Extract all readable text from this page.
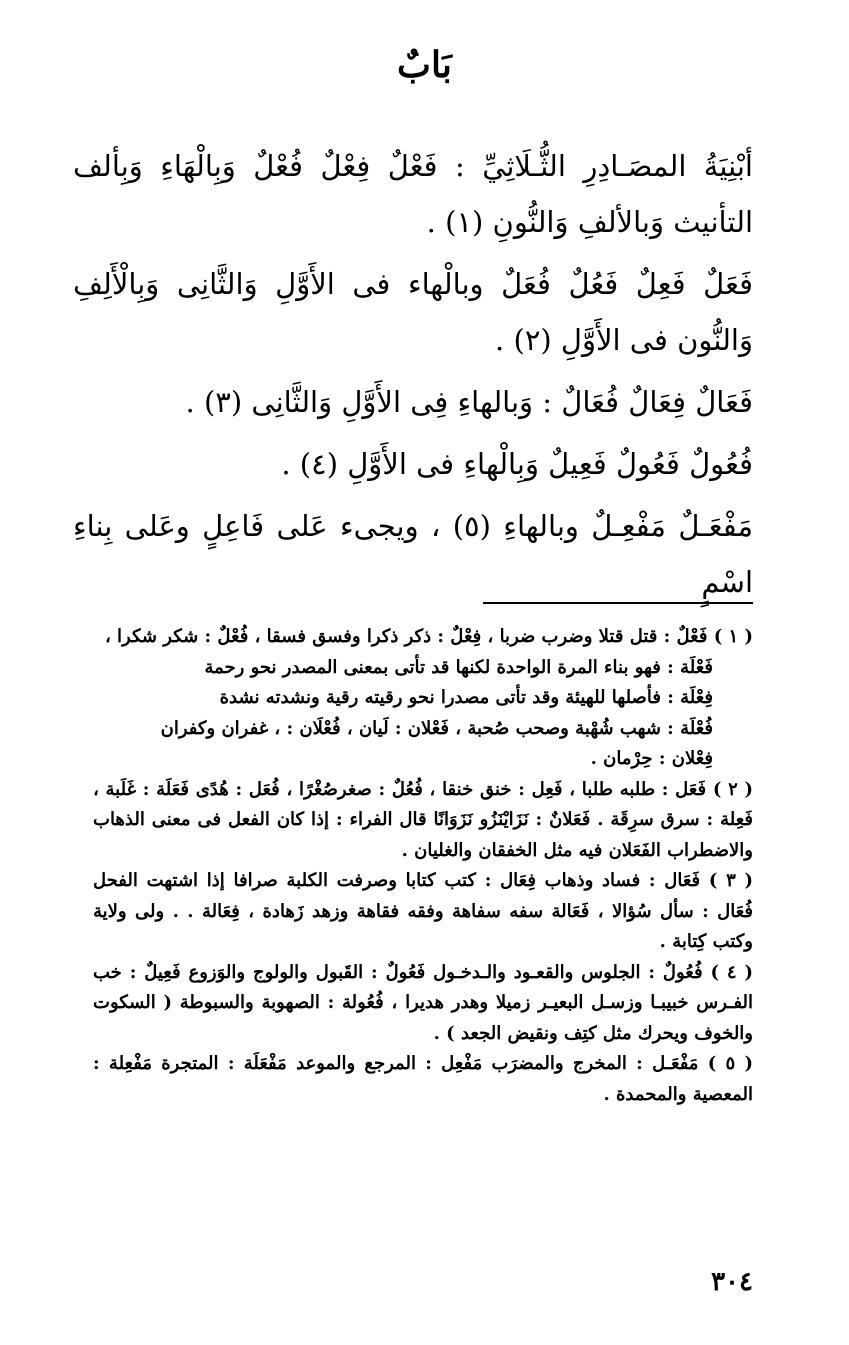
بَابٌ

أبْنِيَةُ المصَـادِرِ الثُّـلَاثِيِّ : فَعْلٌ فِعْلٌ فُعْلٌ وَبِالْهَاءِ وَبِألف التأنيث وَبالألفِ وَالنُّونِ (١) .

فَعَلٌ فَعِلٌ فَعُلٌ فُعَلٌ وبالْهاء فى الأَوَّلِ وَالثَّانِى وَبِالْأَلِفِ وَالنُّون فى الأَوَّلِ (٢) .

فَعَالٌ فِعَالٌ فُعَالٌ : وَبالهاءِ فِى الأَوَّلِ وَالثَّانِى (٣) .

فُعُولٌ فَعُولٌ فَعِيلٌ وَبِالْهاءِ فى الأَوَّلِ (٤) .

مَفْعَـلٌ مَفْعِـلٌ وبالهاءِ (٥) ، ويجىء عَلى فَاعِلٍ وعَلى بِناءِ اسْمٍ

( ١ ) فَعْلٌ : قتل قتلا وضرب ضربا ، فِعْلٌ : ذكر ذكرا وفسق فسقا ، فُعْلٌ : شكر شكرا ،

فَعْلَة : فهو بناء المرة الواحدة لكنها قد تأتى بمعنى المصدر نحو رحمة

فِعْلَة : فأصلها للهيئة وقد تأتى مصدرا نحو رقيته رقية ونشدته نشدة

فُعْلَة : شهب شُهْبة وصحب صُحبة ، فَعْلان : لَيان ، فُعْلَان : ، غفران وكفران

فِعْلان : حِرْمان .

( ٢ ) فَعَل : طلبه طلبا ، فَعِل : خنق خنقا ، فُعُلٌ : صغرصُغْرًا ، فُعَل : هُدًى فَعَلَة : غَلَبة ، فَعِلة : سرق سرِقَة . فَعَلانٌ : نَزَايْنَزُو نَزَوَانًا قال الفراء : إذا كان الفعل فى معنى الذهاب والاضطراب الفَعَلان فيه مثل الخفقان والغليان .

( ٣ ) فَعَال : فساد وذهاب فِعَال : كتب كتابا وصرفت الكلبة صرافا إذا اشتهت الفحل فُعَال : سأل سُؤالا ، فَعَالة سفه سفاهة وفقه فقاهة وزهد زَهادة ، فِعَالة . . ولى ولاية وكتب كِتابة .

( ٤ ) فُعُولٌ : الجلوس والقعـود والـدخـول فَعُولٌ : القَبول والولوج والوَزوع فَعِيلٌ : خب الفـرس خبيبـا وزسـل البعيـر زميلا وهدر هديرا ، فُعُولة : الصهوبة والسبوطة ( السكوت والخوف ويحرك مثل كتِف ونقيض الجعد ) .

( ٥ ) مَفْعَـل : المخرج والمضرَب مَفْعِل : المرجع والموعد مَفْعَلَة : المتجرة مَفْعِلة : المعصية والمحمدة .

٣٠٤
